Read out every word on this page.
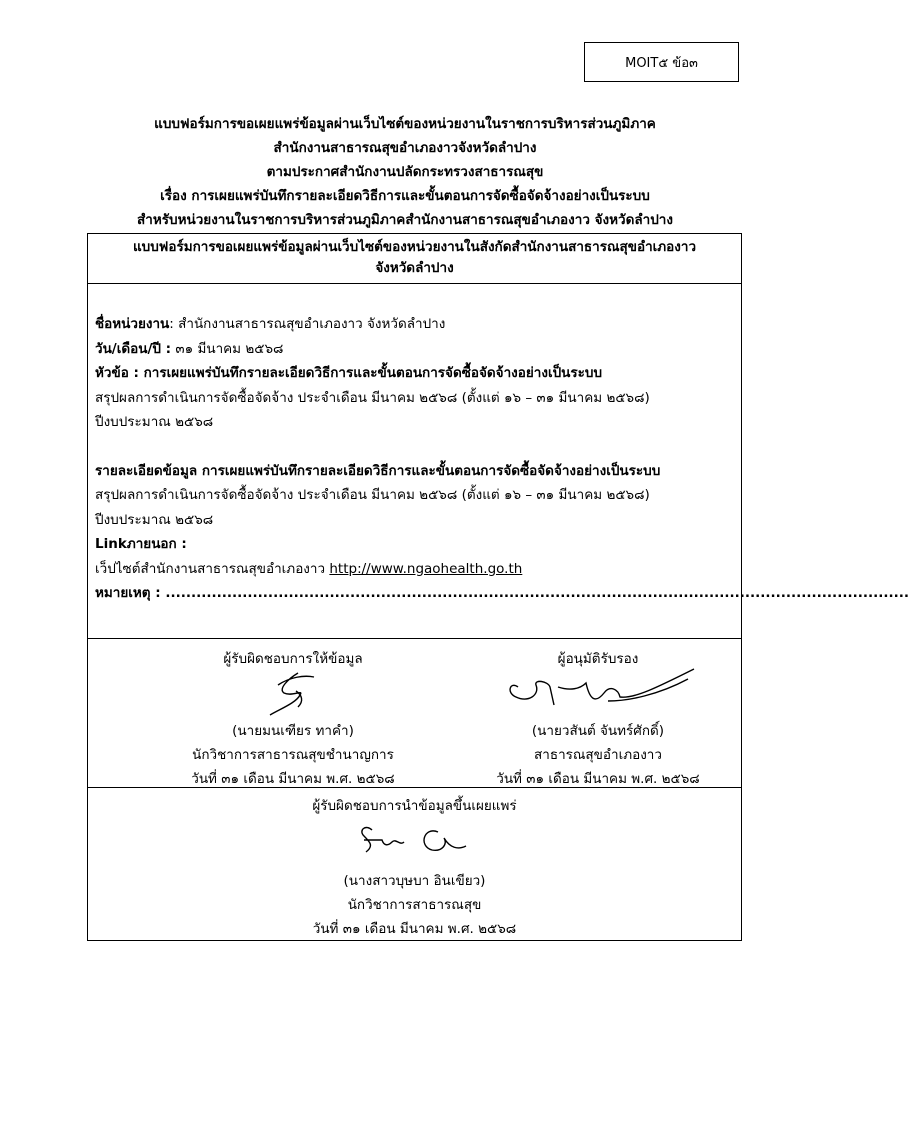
MOIT๕ ข้อ๓
แบบฟอร์มการขอเผยแพร่ข้อมูลผ่านเว็บไซต์ของหน่วยงานในราชการบริหารส่วนภูมิภาค
สำนักงานสาธารณสุขอำเภองาวจังหวัดลำปาง
ตามประกาศสำนักงานปลัดกระทรวงสาธารณสุข
เรื่อง การเผยแพร่บันทึกรายละเอียดวิธีการและขั้นตอนการจัดซื้อจัดจ้างอย่างเป็นระบบ
สำหรับหน่วยงานในราชการบริหารส่วนภูมิภาคสำนักงานสาธารณสุขอำเภองาว จังหวัดลำปาง
แบบฟอร์มการขอเผยแพร่ข้อมูลผ่านเว็บไซต์ของหน่วยงานในสังกัดสำนักงานสาธารณสุขอำเภองาว
จังหวัดลำปาง
ชื่อหน่วยงาน: สำนักงานสาธารณสุขอำเภองาว จังหวัดลำปาง
วัน/เดือน/ปี : ๓๑ มีนาคม ๒๕๖๘
หัวข้อ : การเผยแพร่บันทึกรายละเอียดวิธีการและขั้นตอนการจัดซื้อจัดจ้างอย่างเป็นระบบ
สรุปผลการดำเนินการจัดซื้อจัดจ้าง ประจำเดือน มีนาคม ๒๕๖๘ (ตั้งแต่ ๑๖ – ๓๑ มีนาคม ๒๕๖๘)
ปีงบประมาณ ๒๕๖๘
รายละเอียดข้อมูล การเผยแพร่บันทึกรายละเอียดวิธีการและขั้นตอนการจัดซื้อจัดจ้างอย่างเป็นระบบ
สรุปผลการดำเนินการจัดซื้อจัดจ้าง ประจำเดือน มีนาคม ๒๕๖๘ (ตั้งแต่ ๑๖ – ๓๑ มีนาคม ๒๕๖๘)
ปีงบประมาณ ๒๕๖๘
Linkภายนอก :
เว็ปไซต์สำนักงานสาธารณสุขอำเภองาว http://www.ngaohealth.go.th
หมายเหตุ : .................................................................................................................................................
ผู้รับผิดชอบการให้ข้อมูล
(นายมนเฑียร ทาคำ)
นักวิชาการสาธารณสุขชำนาญการ
วันที่ ๓๑ เดือน มีนาคม พ.ศ. ๒๕๖๘
ผู้อนุมัติรับรอง
(นายวสันต์ จันทร์ศักดิ์)
สาธารณสุขอำเภองาว
วันที่ ๓๑ เดือน มีนาคม พ.ศ. ๒๕๖๘
ผู้รับผิดชอบการนำข้อมูลขึ้นเผยแพร่
(นางสาวบุษบา อินเขียว)
นักวิชาการสาธารณสุข
วันที่ ๓๑ เดือน มีนาคม พ.ศ. ๒๕๖๘
